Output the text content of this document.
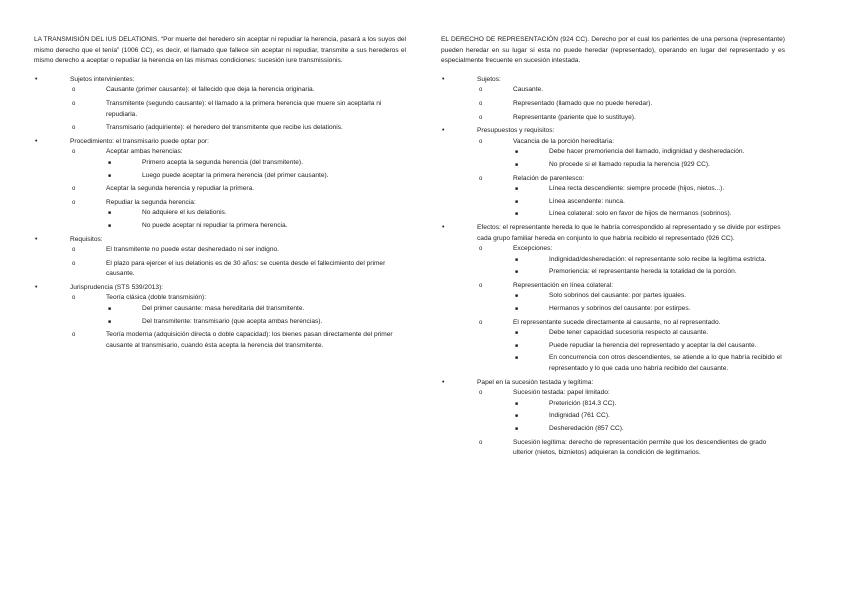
LA TRANSMISIÓN DEL IUS DELATIONIS. “Por muerte del heredero sin aceptar ni repudiar la herencia, pasará a los suyos del mismo derecho que el tenía” (1006 CC), es decir, el llamado que fallece sin aceptar ni repudiar, transmite a sus herederos el mismo derecho a aceptar o repudiar la herencia en las mismas condiciones: sucesión iure transmissionis.

•	Sujetos intervinientes:
o	Causante (primer causante): el fallecido que deja la herencia originaria.
o	Transmitente (segundo causante): el llamado a la primera herencia que muere sin aceptarla ni repudiarla.
o	Transmisario (adquiriente): el heredero del transmitente que recibe ius delationis.
•	Procedimiento: el transmisario puede optar por:
o	Aceptar ambas herencias:
■	Primero acepta la segunda herencia (del transmitente).
■	Luego puede aceptar la primera herencia (del primer causante).
o	Aceptar la segunda herencia y repudiar la primera.
o	Repudiar la segunda herencia:
■	No adquiere el ius delationis.
■	No puede aceptar ni repudiar la primera herencia.
•	Requisitos:
o	El transmitente no puede estar desheredado ni ser indigno.
o	El plazo para ejercer el ius delationis es de 30 años: se cuenta desde el fallecimiento del primer causante.
•	Jurisprudencia (STS 539/2013):
o	Teoría clásica (doble transmisión):
■	Del primer causante: masa hereditaria del transmitente.
■	Del transmitente: transmisario (que acepta ambas herencias).
o	Teoría moderna (adquisición directa o doble capacidad): los bienes pasan directamente del primer causante al transmisario, cuando ésta acepta la herencia del transmitente.

EL DERECHO DE REPRESENTACIÓN (924 CC). Derecho por el cual los parientes de una persona (representante) pueden heredar en su lugar si esta no puede heredar (representado), operando en lugar del representado y es especialmente frecuente en sucesión intestada.

•	Sujetos:
o	Causante.
o	Representado (llamado que no puede heredar).
o	Representante (pariente que lo sustituye).
•	Presupuestos y requisitos:
o	Vacancia de la porción hereditaria:
■	Debe hacer premoriencia del llamado, indignidad y desheredación.
■	No procede si el llamado repudia la herencia (929 CC).
o	Relación de parentesco:
■	Línea recta descendiente: siempre procede (hijos, nietos...).
■	Línea ascendente: nunca.
■	Línea colateral: solo en favor de hijos de hermanos (sobrinos).
•	Efectos: el representante hereda lo que le habría correspondido al representado y se divide por estirpes cada grupo familiar hereda en conjunto lo que habría recibido el representado (926 CC).
o	Excepciones:
■	Indignidad/desheredación: el representante solo recibe la legítima estricta.
■	Premoriencia: el representante hereda la totalidad de la porción.
o	Representación en línea colateral:
■	Solo sobrinos del causante: por partes iguales.
■	Hermanos y sobrinos del causante: por estirpes.
o	El representante sucede directamente al causante, no al representado.
■	Debe tener capacidad sucesoria respecto al causante.
■	Puede repudiar la herencia del representado y aceptar la del causante.
■	En concurrencia con otros descendientes, se atiende a lo que habría recibido el representado y lo que cada uno habría recibido del causante.
•	Papel en la sucesión testada y legítima:
o	Sucesión testada: papel limitado:
■	Preterición (814.3 CC).
■	Indignidad (761 CC).
■	Desheredación (857 CC).
o	Sucesión legítima: derecho de representación permite que los descendientes de grado ulterior (nietos, biznietos) adquieran la condición de legitimarios.
